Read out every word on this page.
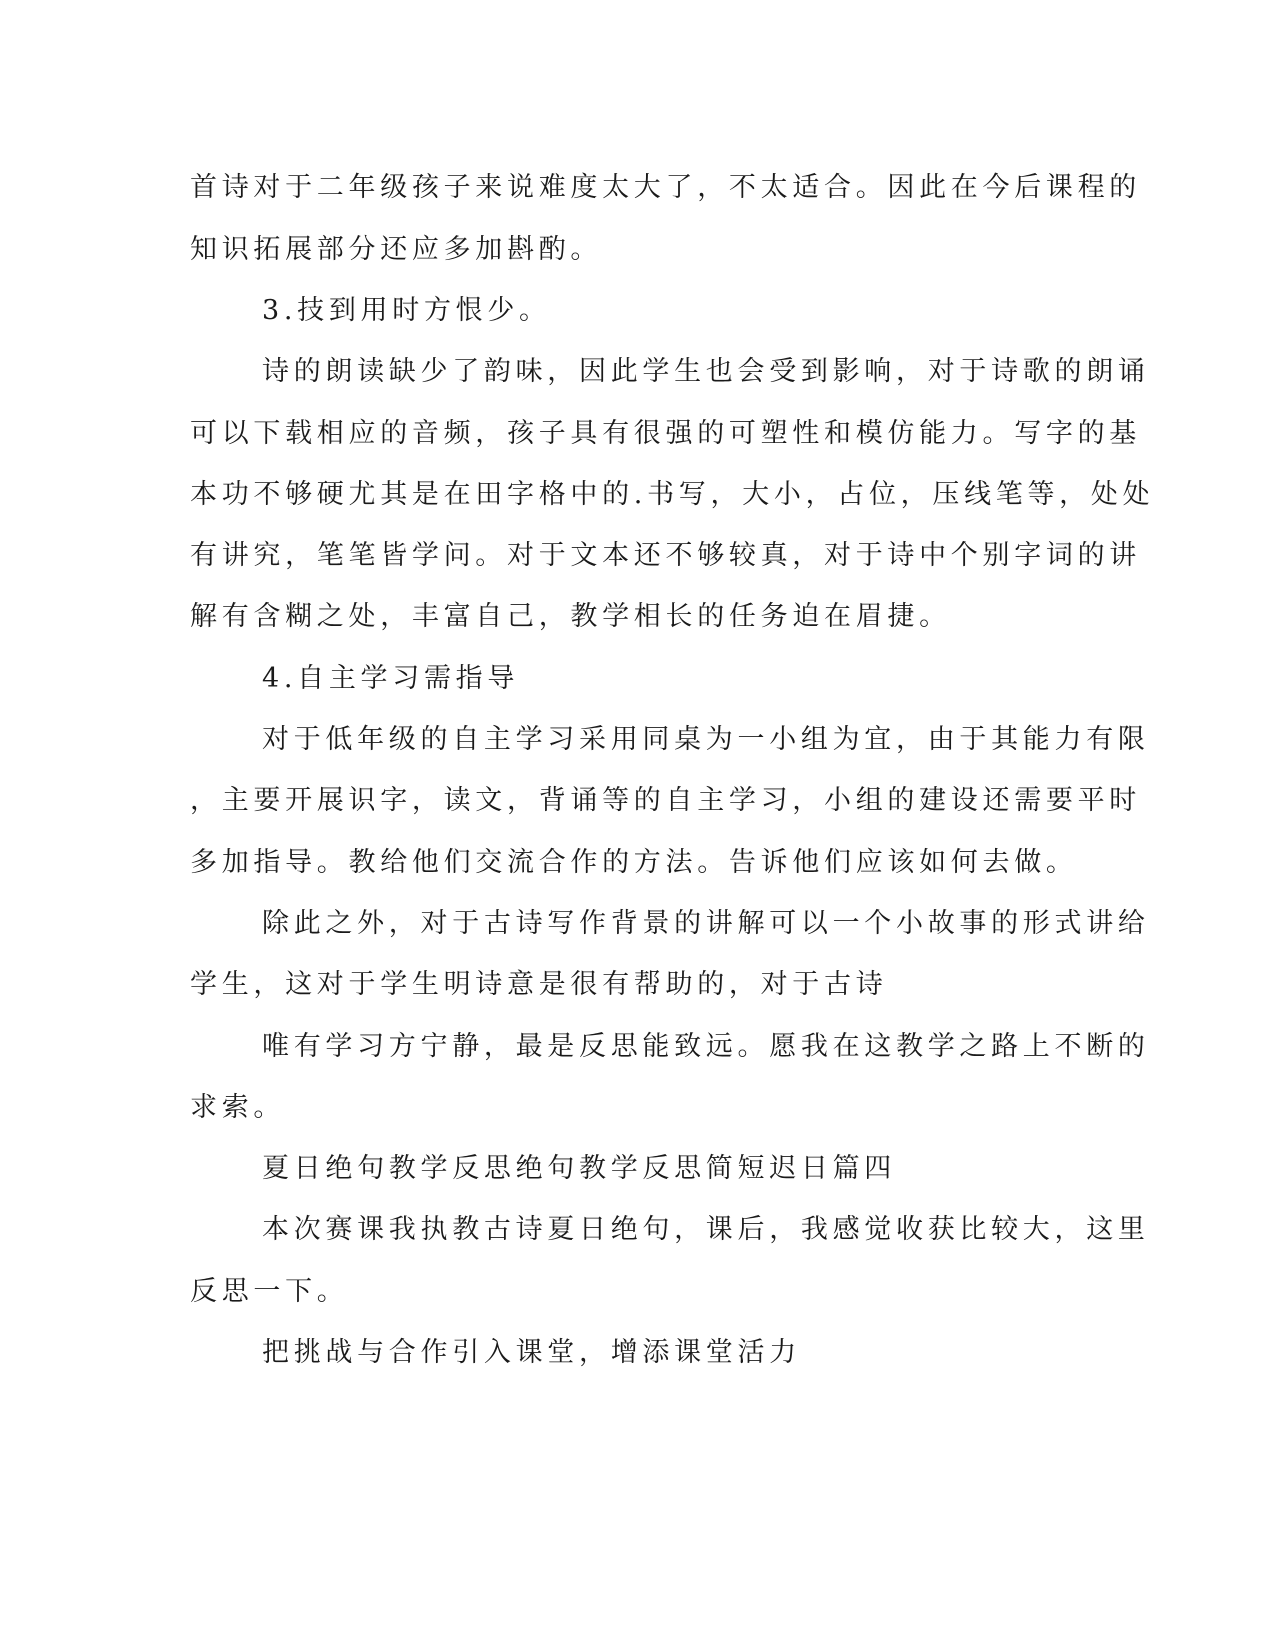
首诗对于二年级孩子来说难度太大了，不太适合。因此在今后课程的
知识拓展部分还应多加斟酌。
3.技到用时方恨少。
诗的朗读缺少了韵味，因此学生也会受到影响，对于诗歌的朗诵
可以下载相应的音频，孩子具有很强的可塑性和模仿能力。写字的基
本功不够硬尤其是在田字格中的.书写，大小，占位，压线笔等，处处
有讲究，笔笔皆学问。对于文本还不够较真，对于诗中个别字词的讲
解有含糊之处，丰富自己，教学相长的任务迫在眉捷。
4.自主学习需指导
对于低年级的自主学习采用同桌为一小组为宜，由于其能力有限
，主要开展识字，读文，背诵等的自主学习，小组的建设还需要平时
多加指导。教给他们交流合作的方法。告诉他们应该如何去做。
除此之外，对于古诗写作背景的讲解可以一个小故事的形式讲给
学生，这对于学生明诗意是很有帮助的，对于古诗
唯有学习方宁静，最是反思能致远。愿我在这教学之路上不断的
求索。
夏日绝句教学反思绝句教学反思简短迟日篇四
本次赛课我执教古诗夏日绝句，课后，我感觉收获比较大，这里
反思一下。
把挑战与合作引入课堂，增添课堂活力
